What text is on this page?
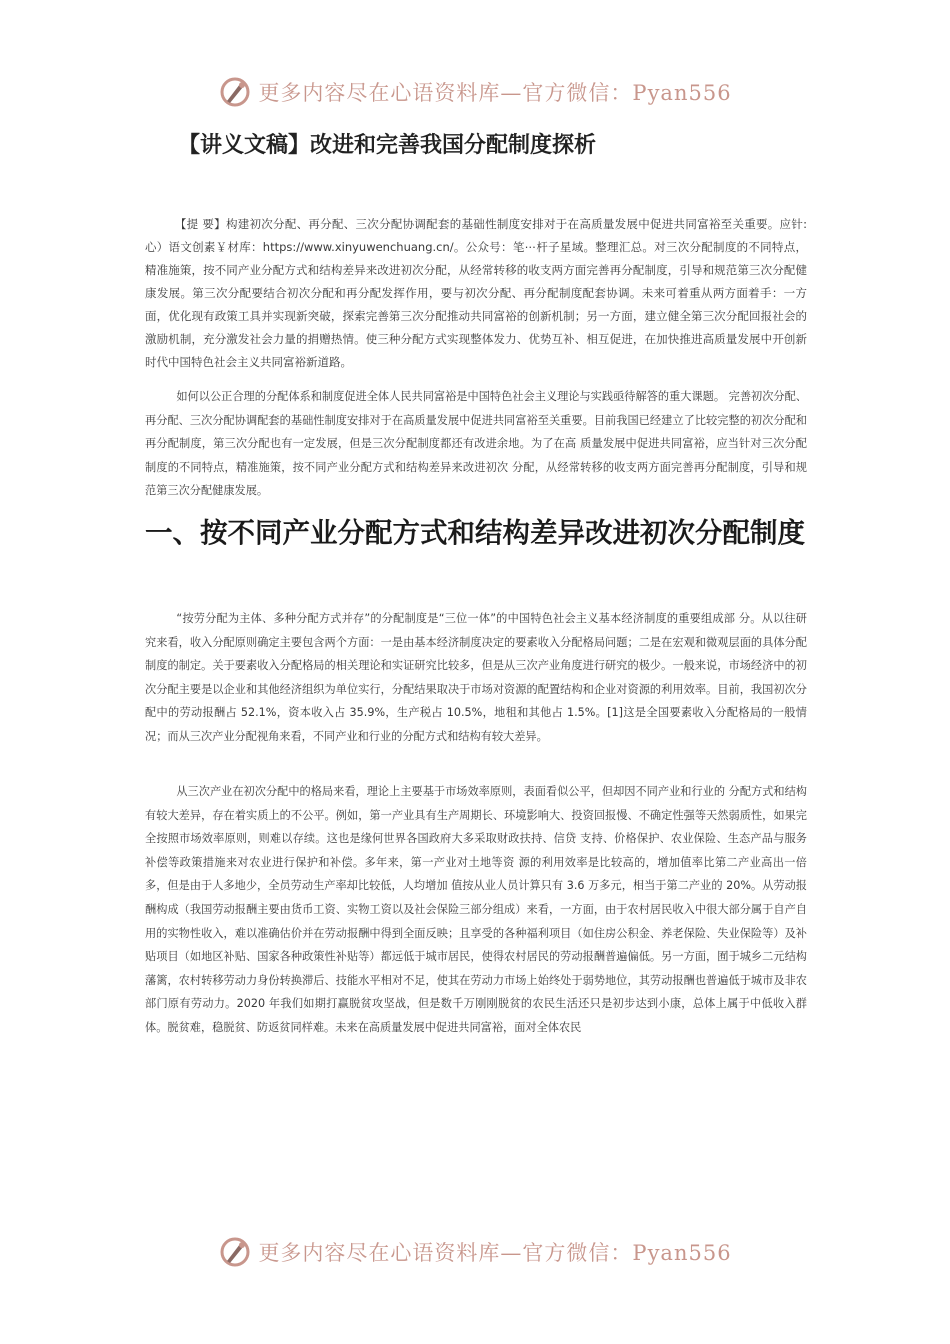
更多内容尽在心语资料库—官方微信：Pyan556
【讲义文稿】改进和完善我国分配制度探析

【提 要】构建初次分配、再分配、三次分配协调配套的基础性制度安排对于在高质量发展中促进共同富裕至关重要。应针:心）语文创素￥材库：https://www.xinyuwenchuang.cn/。公众号：笔⋯杆子星域。整理汇总。对三次分配制度的不同特点，精准施策，按不同产业分配方式和结构差异来改进初次分配，从经常转移的收支两方面完善再分配制度，引导和规范第三次分配健康发展。第三次分配要结合初次分配和再分配发挥作用，要与初次分配、再分配制度配套协调。未来可着重从两方面着手：一方面，优化现有政策工具并实现新突破，探索完善第三次分配推动共同富裕的创新机制；另一方面，建立健全第三次分配回报社会的激励机制，充分激发社会力量的捐赠热情。使三种分配方式实现整体发力、优势互补、相互促进，在加快推进高质量发展中开创新时代中国特色社会主义共同富裕新道路。

如何以公正合理的分配体系和制度促进全体人民共同富裕是中国特色社会主义理论与实践亟待解答的重大课题。 完善初次分配、再分配、三次分配协调配套的基础性制度安排对于在高质量发展中促进共同富裕至关重要。目前我国已经建立了比较完整的初次分配和再分配制度，第三次分配也有一定发展，但是三次分配制度都还有改进余地。为了在高 质量发展中促进共同富裕，应当针对三次分配制度的不同特点，精准施策，按不同产业分配方式和结构差异来改进初次 分配，从经常转移的收支两方面完善再分配制度，引导和规范第三次分配健康发展。

一、按不同产业分配方式和结构差异改进初次分配制度

“按劳分配为主体、多种分配方式并存”的分配制度是“三位一体”的中国特色社会主义基本经济制度的重要组成部 分。从以往研究来看，收入分配原则确定主要包含两个方面：一是由基本经济制度决定的要素收入分配格局问题；二是在宏观和微观层面的具体分配制度的制定。关于要素收入分配格局的相关理论和实证研究比较多，但是从三次产业角度进行研究的极少。一般来说，市场经济中的初次分配主要是以企业和其他经济组织为单位实行，分配结果取决于市场对资源的配置结构和企业对资源的利用效率。目前，我国初次分配中的劳动报酬占 52.1%，资本收入占 35.9%，生产税占 10.5%，地租和其他占 1.5%。[1]这是全国要素收入分配格局的一般情况；而从三次产业分配视角来看，不同产业和行业的分配方式和结构有较大差异。

从三次产业在初次分配中的格局来看，理论上主要基于市场效率原则，表面看似公平，但却因不同产业和行业的 分配方式和结构有较大差异，存在着实质上的不公平。例如，第一产业具有生产周期长、环境影响大、投资回报慢、不确定性强等天然弱质性，如果完全按照市场效率原则，则难以存续。这也是缘何世界各国政府大多采取财政扶持、信贷 支持、价格保护、农业保险、生态产品与服务补偿等政策措施来对农业进行保护和补偿。多年来，第一产业对土地等资 源的利用效率是比较高的，增加值率比第二产业高出一倍多，但是由于人多地少，全员劳动生产率却比较低，人均增加 值按从业人员计算只有 3.6 万多元，相当于第二产业的 20%。从劳动报酬构成（我国劳动报酬主要由货币工资、实物工资以及社会保险三部分组成）来看，一方面，由于农村居民收入中很大部分属于自产自用的实物性收入，难以准确估价并在劳动报酬中得到全面反映；且享受的各种福利项目（如住房公积金、养老保险、失业保险等）及补贴项目（如地区补贴、国家各种政策性补贴等）都远低于城市居民，使得农村居民的劳动报酬普遍偏低。另一方面，囿于城乡二元结构藩篱，农村转移劳动力身份转换滞后、技能水平相对不足，使其在劳动力市场上始终处于弱势地位，其劳动报酬也普遍低于城市及非农部门原有劳动力。2020 年我们如期打赢脱贫攻坚战，但是数千万刚刚脱贫的农民生活还只是初步达到小康，总体上属于中低收入群体。脱贫难，稳脱贫、防返贫同样难。未来在高质量发展中促进共同富裕，面对全体农民

更多内容尽在心语资料库—官方微信：Pyan556
